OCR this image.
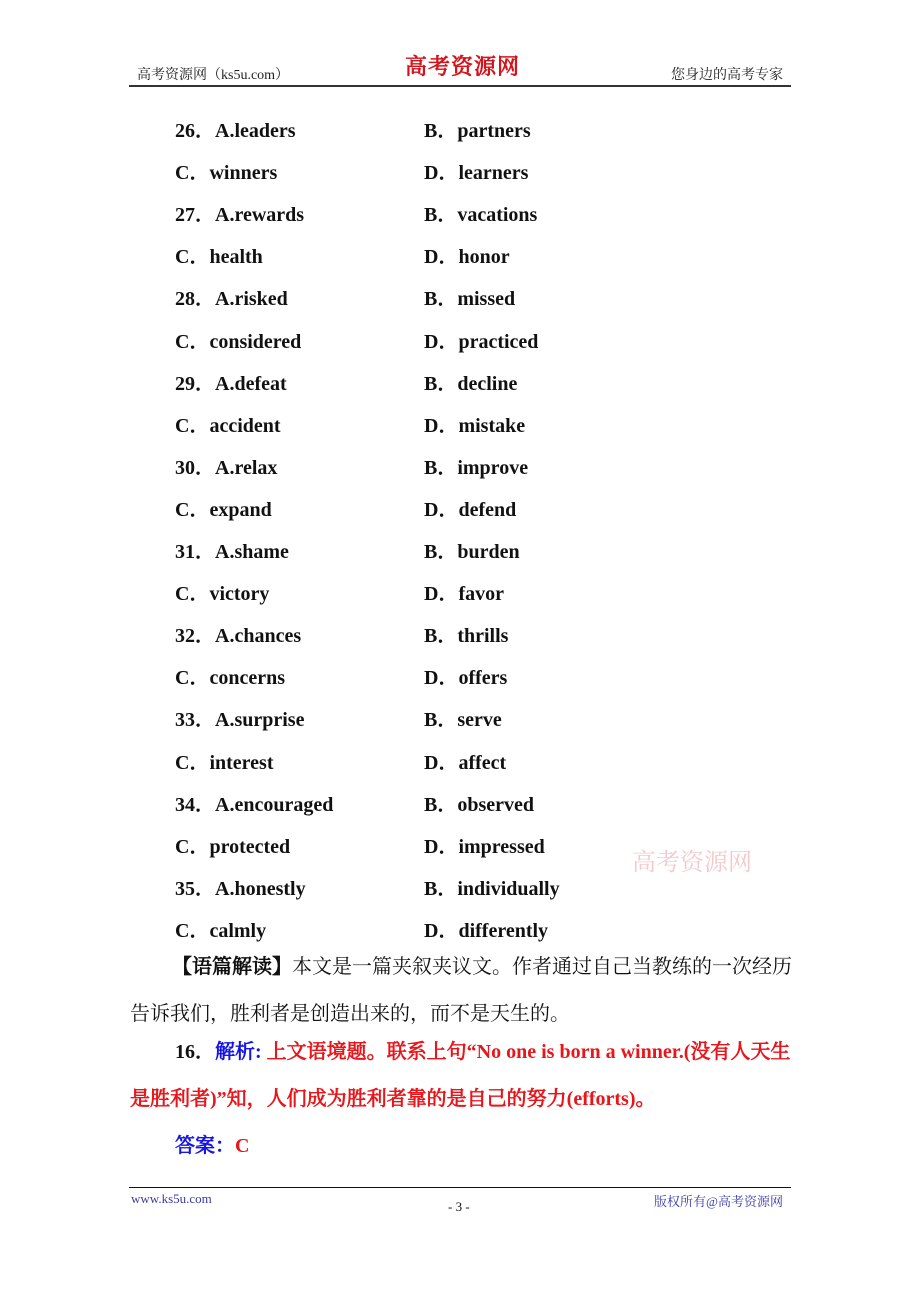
高考资源网（ks5u.com）	高考资源网	您身边的高考专家
26．A.leaders	B．partners
C．winners	D．learners
27．A.rewards	B．vacations
C．health	D．honor
28．A.risked	B．missed
C．considered	D．practiced
29．A.defeat	B．decline
C．accident	D．mistake
30．A.relax	B．improve
C．expand	D．defend
31．A.shame	B．burden
C．victory	D．favor
32．A.chances	B．thrills
C．concerns	D．offers
33．A.surprise	B．serve
C．interest	D．affect
34．A.encouraged	B．observed
C．protected	D．impressed
35．A.honestly	B．individually
C．calmly	D．differently
高考资源网
【语篇解读】本文是一篇夹叙夹议文。作者通过自己当教练的一次经历告诉我们，胜利者是创造出来的，而不是天生的。
16．解析: 上文语境题。联系上句“No one is born a winner.(没有人天生是胜利者)”知，人们成为胜利者靠的是自己的努力(efforts)。
答案：C
www.ks5u.com
- 3 -	版权所有@高考资源网
